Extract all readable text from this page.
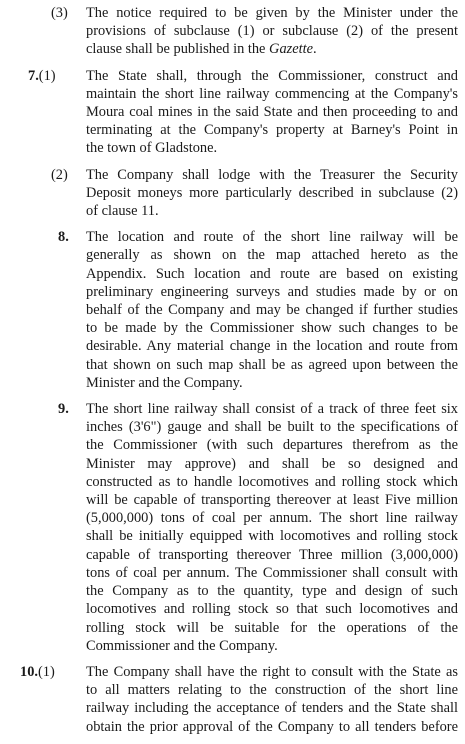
(3) The notice required to be given by the Minister under the
provisions of subclause (1) or subclause (2) of the present
clause shall be published in the Gazette.
7.(1) The State shall, through the Commissioner, construct and
maintain the short line railway commencing at the Company's
Moura coal mines in the said State and then proceeding to and
terminating at the Company's property at Barney's Point in
the town of Gladstone.
(2) The Company shall lodge with the Treasurer the Security
Deposit moneys more particularly described in subclause (2)
of clause 11.
8. The location and route of the short line railway will be
generally as shown on the map attached hereto as the
Appendix. Such location and route are based on existing
preliminary engineering surveys and studies made by or on
behalf of the Company and may be changed if further studies
to be made by the Commissioner show such changes to be
desirable. Any material change in the location and route from
that shown on such map shall be as agreed upon between the
Minister and the Company.
9. The short line railway shall consist of a track of three feet six
inches (3'6") gauge and shall be built to the specifications of
the Commissioner (with such departures therefrom as the
Minister may approve) and shall be so designed and
constructed as to handle locomotives and rolling stock which
will be capable of transporting thereover at least Five million
(5,000,000) tons of coal per annum. The short line railway
shall be initially equipped with locomotives and rolling stock
capable of transporting thereover Three million (3,000,000)
tons of coal per annum. The Commissioner shall consult with
the Company as to the quantity, type and design of such
locomotives and rolling stock so that such locomotives and
rolling stock will be suitable for the operations of the
Commissioner and the Company.
10.(1) The Company shall have the right to consult with the State as
to all matters relating to the construction of the short line
railway including the acceptance of tenders and the State shall
obtain the prior approval of the Company to all tenders before
